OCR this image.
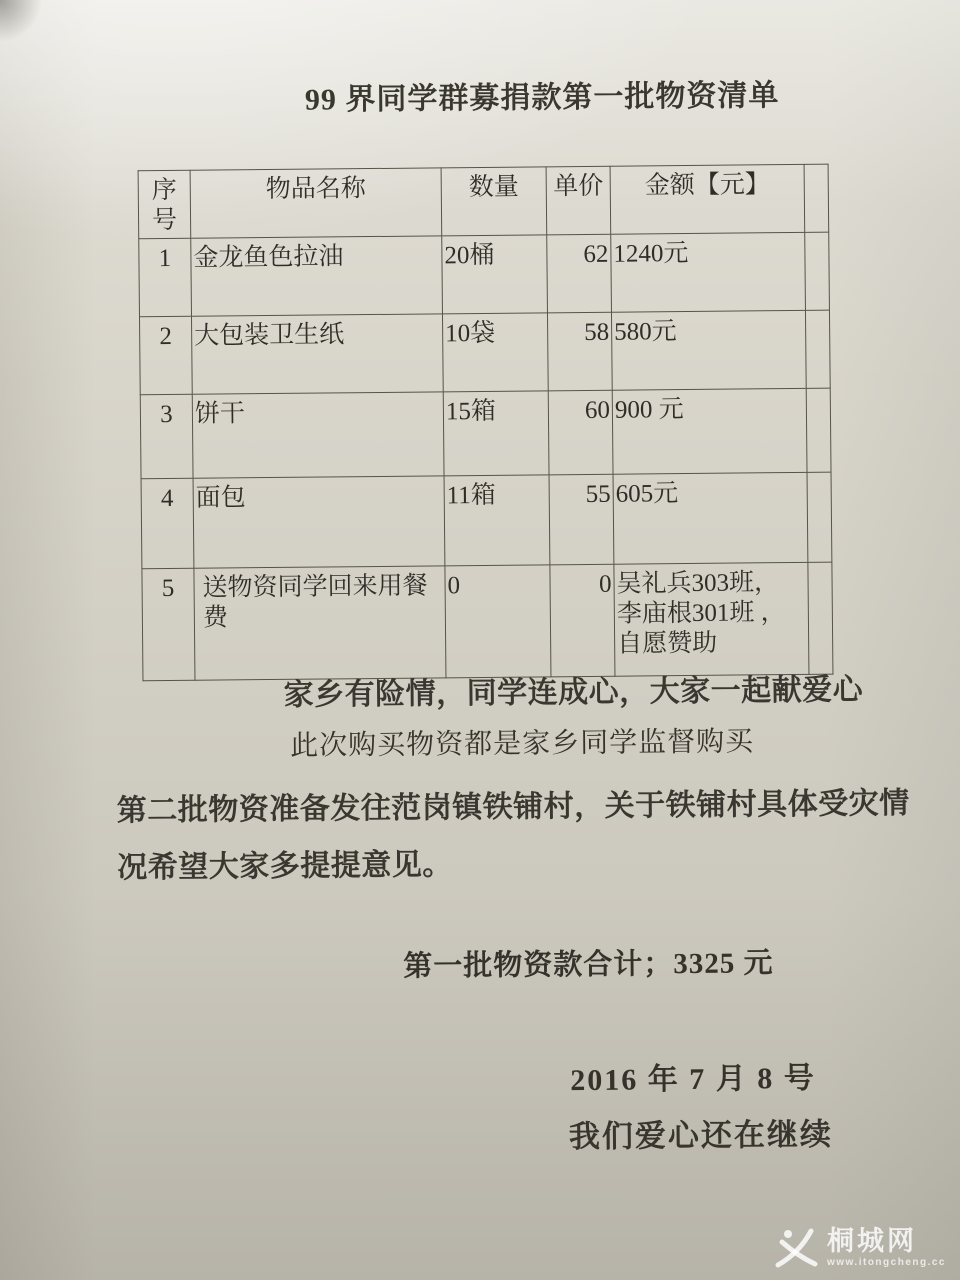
99 界同学群募捐款第一批物资清单
序号	物品名称	数量	单价	金额【元】	
1	金龙鱼色拉油	20桶	62	1240元	
2	大包装卫生纸	10袋	58	580元	
3	饼干	15箱	60	900 元	
4	面包	11箱	55	605元	
5	送物资同学回来用餐费	0	0	吴礼兵303班， 李庙根301班 ，自愿赞助	
家乡有险情，同学连成心，大家一起献爱心
此次购买物资都是家乡同学监督购买
第二批物资准备发往范岗镇铁铺村，关于铁铺村具体受灾情
况希望大家多提提意见。
第一批物资款合计；3325 元
2016 年 7 月 8 号
我们爱心还在继续
桐城网
www.itongcheng.cc
